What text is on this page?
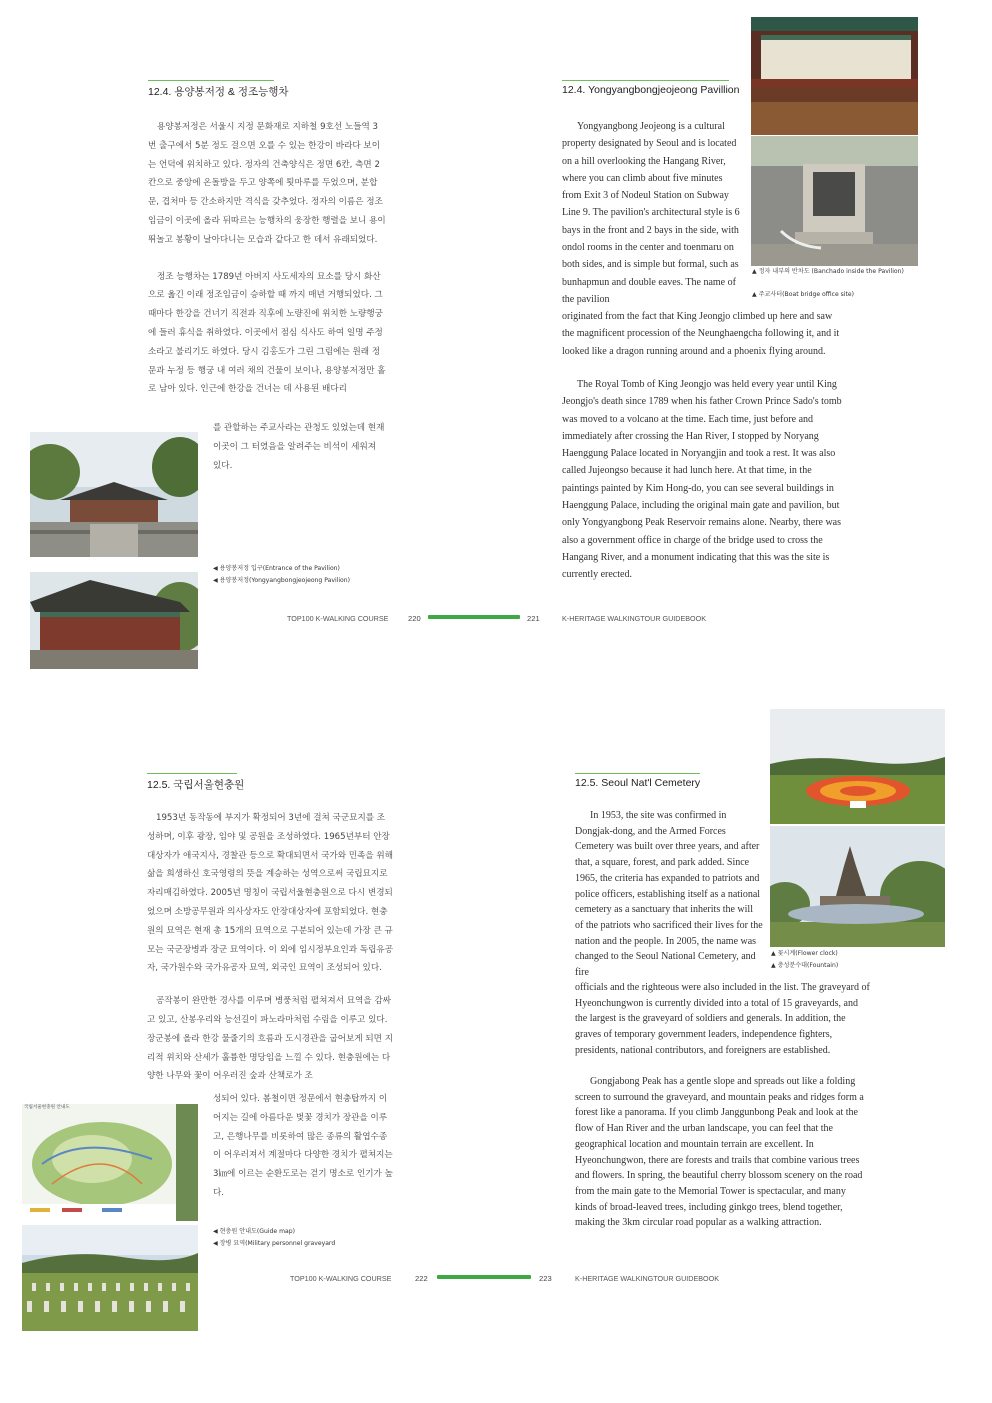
12.4. 용양봉저정 & 정조능행차

용양봉저정은 서울시 지정 문화재로 지하철 9호선 노들역 3번 출구에서 5분 정도 걸으면 오를 수 있는 한강이 바라다 보이는 언덕에 위치하고 있다. 정자의 건축양식은 정면 6칸, 측면 2칸으로 중앙에 온돌방을 두고 양쪽에 툇마루를 두었으며, 분합문, 겹처마 등 간소하지만 격식을 갖추었다. 정자의 이름은 정조임금이 이곳에 올라 뒤따르는 능행차의 웅장한 행렬을 보니 용이 뛰놀고 봉황이 날아다니는 모습과 같다고 한 데서 유래되었다.

정조 능행차는 1789년 아버지 사도세자의 묘소를 당시 화산으로 옮긴 이래 정조임금이 승하할 때 까지 매년 거행되었다. 그 때마다 한강을 건너기 직전과 직후에 노량진에 위치한 노량행궁에 들러 휴식을 취하였다. 이곳에서 점심 식사도 하여 일명 주정소라고 불리기도 하였다. 당시 김홍도가 그린 그림에는 원래 정문과 누정 등 행궁 내 여러 채의 건물이 보이나, 용양봉저정만 홀로 남아 있다. 인근에 한강을 건너는 데 사용된 배다리

를 관할하는 주교사라는 관청도 있었는데 현재 이곳이 그 터였음을 알려주는 비석이 세워져 있다.
◀ 용양봉저정 입구(Entrance of the Pavilion)
◀ 용양봉저정(Yongyangbongjeojeong Pavilion)
TOP100 K-WALKING COURSE	220
12.4. Yongyangbongjeojeong Pavillion
Yongyangbong Jeojeong is a cultural property designated by Seoul and is located on a hill overlooking the Hangang River, where you can climb about five minutes from Exit 3 of Nodeul Station on Subway Line 9. The pavilion's architectural style is 6 bays in the front and 2 bays in the side, with ondol rooms in the center and toenmaru on both sides, and is simple but formal, such as bunhapmun and double eaves. The name of the pavilion
originated from the fact that King Jeongjo climbed up here and saw the magnificent procession of the Neunghaengcha following it, and it looked like a dragon running around and a phoenix flying around.
The Royal Tomb of King Jeongjo was held every year until King Jeongjo's death since 1789 when his father Crown Prince Sado's tomb was moved to a volcano at the time. Each time, just before and immediately after crossing the Han River, I stopped by Noryang Haenggung Palace located in Noryangjin and took a rest. It was also called Jujeongso because it had lunch here. At that time, in the paintings painted by Kim Hong-do, you can see several buildings in Haenggung Palace, including the original main gate and pavilion, but only Yongyangbong Peak Reservoir remains alone. Nearby, there was also a government office in charge of the bridge used to cross the Hangang River, and a monument indicating that this was the site is currently erected.
▲ 정자 내부의 반차도 (Banchado inside the Pavilion)
▲ 주교사터(Boat bridge office site)
221	K-HERITAGE WALKINGTOUR GUIDEBOOK
12.5. 국립서울현충원

1953년 동작동에 부지가 확정되어 3년에 걸쳐 국군묘지를 조성하며, 이후 광장, 임야 및 공원을 조성하였다. 1965년부터 안장 대상자가 애국지사, 경찰관 등으로 확대되면서 국가와 민족을 위해 삶을 희생하신 호국영령의 뜻을 계승하는 성역으로써 국립묘지로 자리매김하였다. 2005년 명칭이 국립서울현충원으로 다시 변경되었으며 소방공무원과 의사상자도 안장대상자에 포함되었다. 현충원의 묘역은 현재 총 15개의 묘역으로 구분되어 있는데 가장 큰 규모는 국군장병과 장군 묘역이다. 이 외에 임시정부요인과 독립유공자, 국가원수와 국가유공자 묘역, 외국인 묘역이 조성되어 있다.

공작봉이 완만한 경사를 이루며 병풍처럼 펼쳐져서 묘역을 감싸고 있고, 산봉우리와 능선길이 파노라마처럼 수림을 이루고 있다. 장군봉에 올라 한강 물줄기의 흐름과 도시경관을 굽어보게 되면 지리적 위치와 산세가 훌륭한 명당임을 느낄 수 있다. 현충원에는 다양한 나무와 꽃이 어우러진 숲과 산책로가 조

성되어 있다. 봄철이면 정문에서 현충탑까지 이어지는 길에 아름다운 벚꽃 경치가 장관을 이루고, 은행나무를 비롯하여 많은 종류의 활엽수종이 어우러져서 계절마다 다양한 경치가 펼쳐지는 3㎞에 이르는 순환도로는 걷기 명소로 인기가 높다.
국립서울현충원 안내도
◀ 현충원 안내도(Guide map)
◀ 장병 묘역(Military personnel graveyard
TOP100 K-WALKING COURSE	222
12.5. Seoul Nat'l Cemetery
In 1953, the site was confirmed in Dongjak-dong, and the Armed Forces Cemetery was built over three years, and after that, a square, forest, and park added. Since 1965, the criteria has expanded to patriots and police officers, establishing itself as a national cemetery as a sanctuary that inherits the will of the patriots who sacrificed their lives for the nation and the people. In 2005, the name was changed to the Seoul National Cemetery, and fire
officials and the righteous were also included in the list. The graveyard of Hyeonchungwon is currently divided into a total of 15 graveyards, and the largest is the graveyard of soldiers and generals. In addition, the graves of temporary government leaders, independence fighters, presidents, national contributors, and foreigners are established.
Gongjabong Peak has a gentle slope and spreads out like a folding screen to surround the graveyard, and mountain peaks and ridges form a forest like a panorama. If you climb Janggunbong Peak and look at the flow of Han River and the urban landscape, you can feel that the geographical location and mountain terrain are excellent. In Hyeonchungwon, there are forests and trails that combine various trees and flowers. In spring, the beautiful cherry blossom scenery on the road from the main gate to the Memorial Tower is spectacular, and many kinds of broad-leaved trees, including ginkgo trees, blend together, making the 3km circular road popular as a walking attraction.
▲ 꽃시계(Flower clock)
▲ 충성분수대(Fountain)
223	K-HERITAGE WALKINGTOUR GUIDEBOOK
